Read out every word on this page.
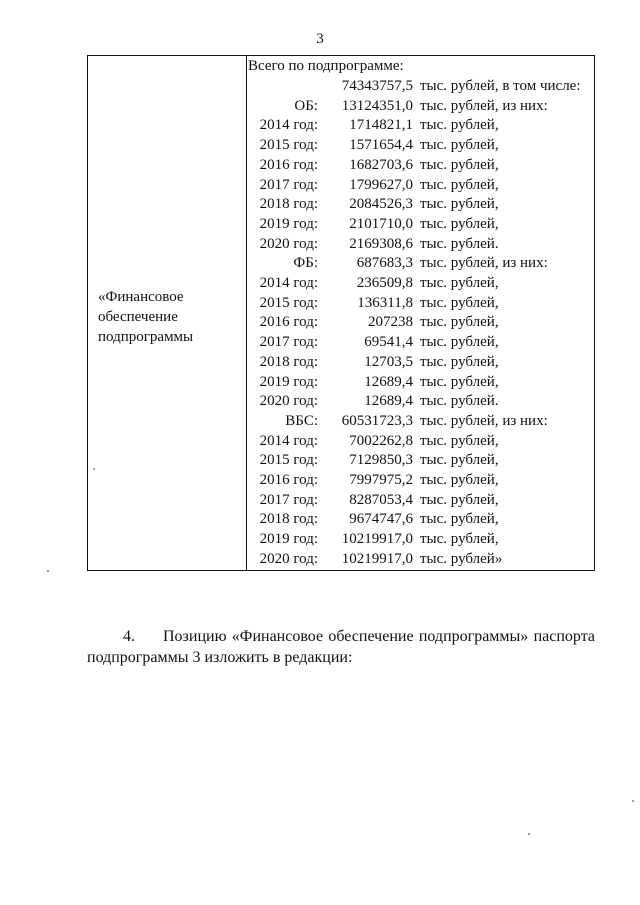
3
«Финансовое
обеспечение
подпрограммы
Всего по подпрограмме:
74343757,5 тыс. рублей, в том числе:
ОБ:	13124351,0 тыс. рублей, из них:
2014 год:	1714821,1 тыс. рублей,
2015 год:	1571654,4 тыс. рублей,
2016 год:	1682703,6 тыс. рублей,
2017 год:	1799627,0 тыс. рублей,
2018 год:	2084526,3 тыс. рублей,
2019 год:	2101710,0 тыс. рублей,
2020 год:	2169308,6 тыс. рублей.
ФБ:	687683,3 тыс. рублей, из них:
2014 год:	236509,8 тыс. рублей,
2015 год:	136311,8 тыс. рублей,
2016 год:	207238 тыс. рублей,
2017 год:	69541,4 тыс. рублей,
2018 год:	12703,5 тыс. рублей,
2019 год:	12689,4 тыс. рублей,
2020 год:	12689,4 тыс. рублей.
ВБС:	60531723,3 тыс. рублей, из них:
2014 год:	7002262,8 тыс. рублей,
2015 год:	7129850,3 тыс. рублей,
2016 год:	7997975,2 тыс. рублей,
2017 год:	8287053,4 тыс. рублей,
2018 год:	9674747,6 тыс. рублей,
2019 год:	10219917,0 тыс. рублей,
2020 год:	10219917,0 тыс. рублей»
4. Позицию «Финансовое обеспечение подпрограммы» паспорта
подпрограммы 3 изложить в редакции:
